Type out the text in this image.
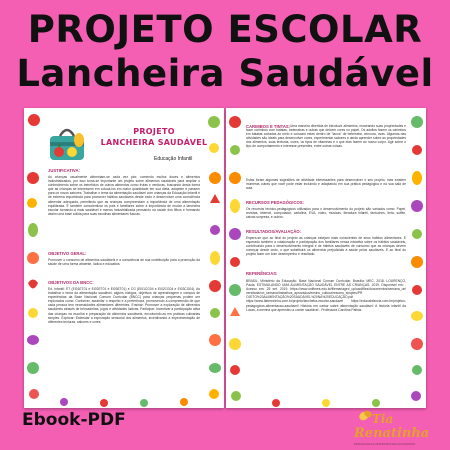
PROJETO ESCOLAR
Lancheira Saudável
PROJETO
LANCHEIRA SAUDÁVEL
Educação Infantil
JUSTIFICATIVA:
As crianças usualmente alimentam-se cada vez pior, comendo muitos doces e alimentos industrializados, por isso torna-se importante um projeto sobre alimentos saudáveis para ampliar o conhecimento sobre os benefícios de outros alimentos como frutas e verduras, buscando desta forma que as crianças se interessem em colocá-los em maior quantidade em sua dieta, adaptem e passem para os novos sabores. Trabalhar o tema da alimentação saudável com crianças da Educação Infantil é de extrema importância para promover hábitos saudáveis desde cedo e desenvolver uma consciência alimentar adequada, permitindo que as crianças compreendam a importância de uma alimentação equilibrada. É também conscientizar os pais e familiares sobre a importância de mudar a lancheira escolar tornando-a mais saudável e menos industrializada pensando na saúde dos filhos e formando assim uma base sólida para suas escolhas alimentares futuras.
OBJETIVO GERAL:
Promover o consumo de alimentos saudáveis e a consciência de sua contribuição para a promoção da saúde de uma forma atraente, lúdica e educativa.
OBJETIVOS DA BNCC:
Ed. Infantil: ET (EI01ET01 e EI02ET01 e EI03ET01) e CG (EI01CG04 e EI02CG04 e EI03CG04). As trabalhar o tema da alimentação saudável, alguns códigos, objetivos de aprendizagem e campos de experiências da Base Nacional Comum Curricular (BNCC) para crianças pequenas podem ser explorados como: Conhecer, assimilar o respeito e a preferência, promovendo a compreensão de que cada pessoa tem necessidades alimentares diferentes. Ensinar: Promover a exploração de alimentos saudáveis através de brincadeiras, jogos e atividades lúdicas. Participar: Incentivar a participação ativa das crianças na escolha e preparação de alimentos saudáveis, envolvendo-as em práticas culinárias simples. Explorar: Estimular a exploração sensorial dos alimentos, incentivando a experimentação de diferentes texturas, sabores e cores.
CARIMBOS E TINTAS: Uma maneira divertida de introduzir alimentos, mostrando suas propriedades e fazer carimbos com batatas, beterrabas e outras que deixem cores no papel. Os adultos fazem os carimbos em batatas cortadas ao meio e colocam estes dentro de "tacos" de beterraba, cenoura, uvas. Algumas das atividades são ideais para desenvolver cores, experimentar sabores e ainda aprender sobre as propriedades dos alimentos, suas texturas, cores, os tipos de vitaminas e o que elas fazem ao nosso corpo. Agir sobre o tipo de comportamento e interesse presentes, entre outras coisas.
Estas foram algumas sugestões de atividade interessantes para desenvolver o seu projeto, mas existem inúmeras outras que você pode estar incluindo e adaptando em sua prática pedagógica e na sua sala de aula.
RECURSOS PEDAGÓGICOS:
Os recursos técnico-pedagógicos utilizados para o desenvolvimento do projeto são variados como: Papel, revistas, internet, computador, cartolina, EVA, vídeo, músicas, literatura infantil, fantoches, tinta, sulfite, caixas surpresa, e outros.
RESULTADOS/AVALIAÇÃO:
Espera-se que ao final do projeto as crianças estejam mais conscientes de seus hábitos alimentares. É esperado também a colaboração e participação dos familiares nessa iniciativa sobre os hábitos saudáveis, contribuindo para o desenvolvimento integral e de hábitos saudáveis de consumo que as crianças devem começar desde cedo, o que substituirá os alimentos prejudiciais à saúde pelos saudáveis. E ao final do projeto fazer um bom desempenho e resultado.
REFERÊNCIAS:
BRASIL. Ministério da Educação. Base Nacional Comum Curricular. Brasília: MEC, 2018. LOURENÇO, Paula. ESTIMULANDO UMA ALIMENTAÇÃO SAUDÁVEL ENTRE AS CRIANÇAS. 2019. Disponível em: . Acesso em: 25 set. 2019. https://www.unifimes.edu.br/filemanager/_upload/files/documentos/semana_uni versitaria/xxi_semana/trabalhos_aprovados/ensino_cultura/resumo_simples/PR OJETO%20ALIMENTAÇÃO%20SAUDÁVEL%20NA%20EDUCAÇÃO.pdf https://www.tiaterezinha.com.br/projeto/lancheira-escolar-saudavel https://educainfancia.com.br/projetos-pedagogicos-alimentacao-saudavel/ História em cartaz sobre alimentação saudável: A história infantil da Lucas, a menina que aprendeu a comer saudável - Professora Carolina Palhaz.
Ebook-PDF	Tia
Renatinha
PEDAGOGIA E MATERIAIS EDUCACIONAIS
